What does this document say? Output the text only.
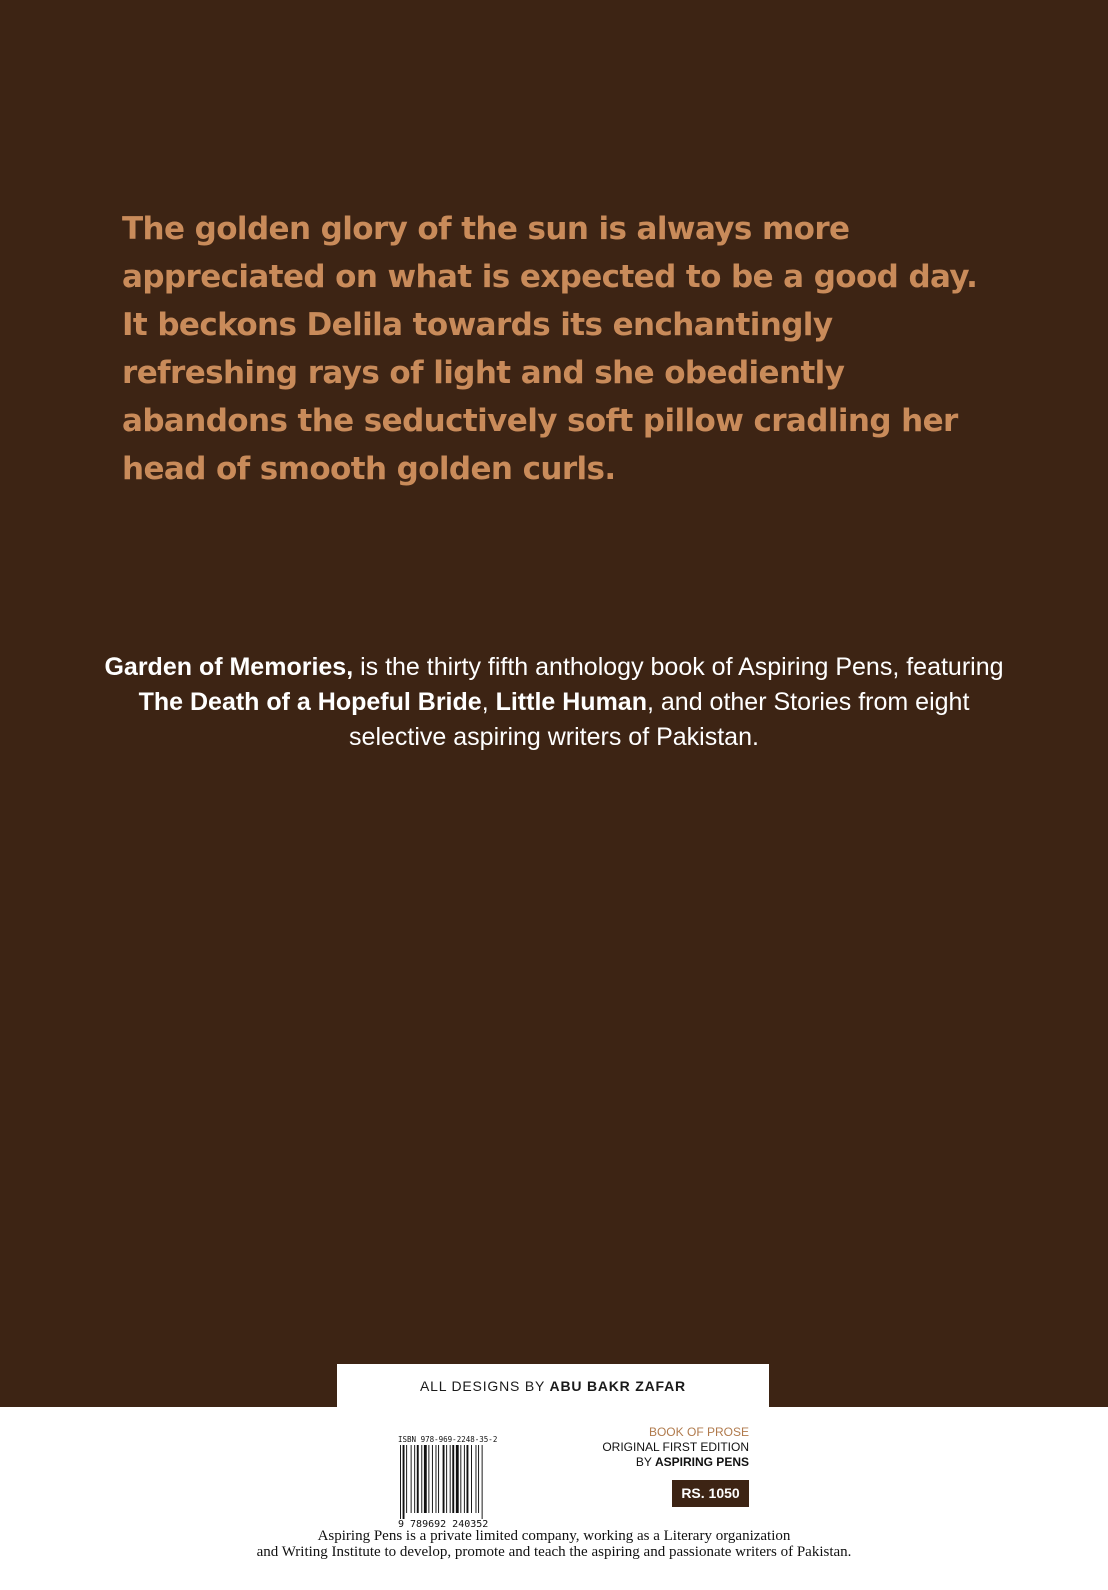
The golden glory of the sun is always more appreciated on what is expected to be a good day. It beckons Delila towards its enchantingly refreshing rays of light and she obediently abandons the seductively soft pillow cradling her head of smooth golden curls.

Garden of Memories, is the thirty fifth anthology book of Aspiring Pens, featuring The Death of a Hopeful Bride, Little Human, and other Stories from eight selective aspiring writers of Pakistan.

ALL DESIGNS BY ABU BAKR ZAFAR
ISBN 978-969-2248-35-2
9 789692 240352
BOOK OF PROSE
ORIGINAL FIRST EDITION
BY ASPIRING PENS
RS. 1050

Aspiring Pens is a private limited company, working as a Literary organization
and Writing Institute to develop, promote and teach the aspiring and passionate writers of Pakistan.
